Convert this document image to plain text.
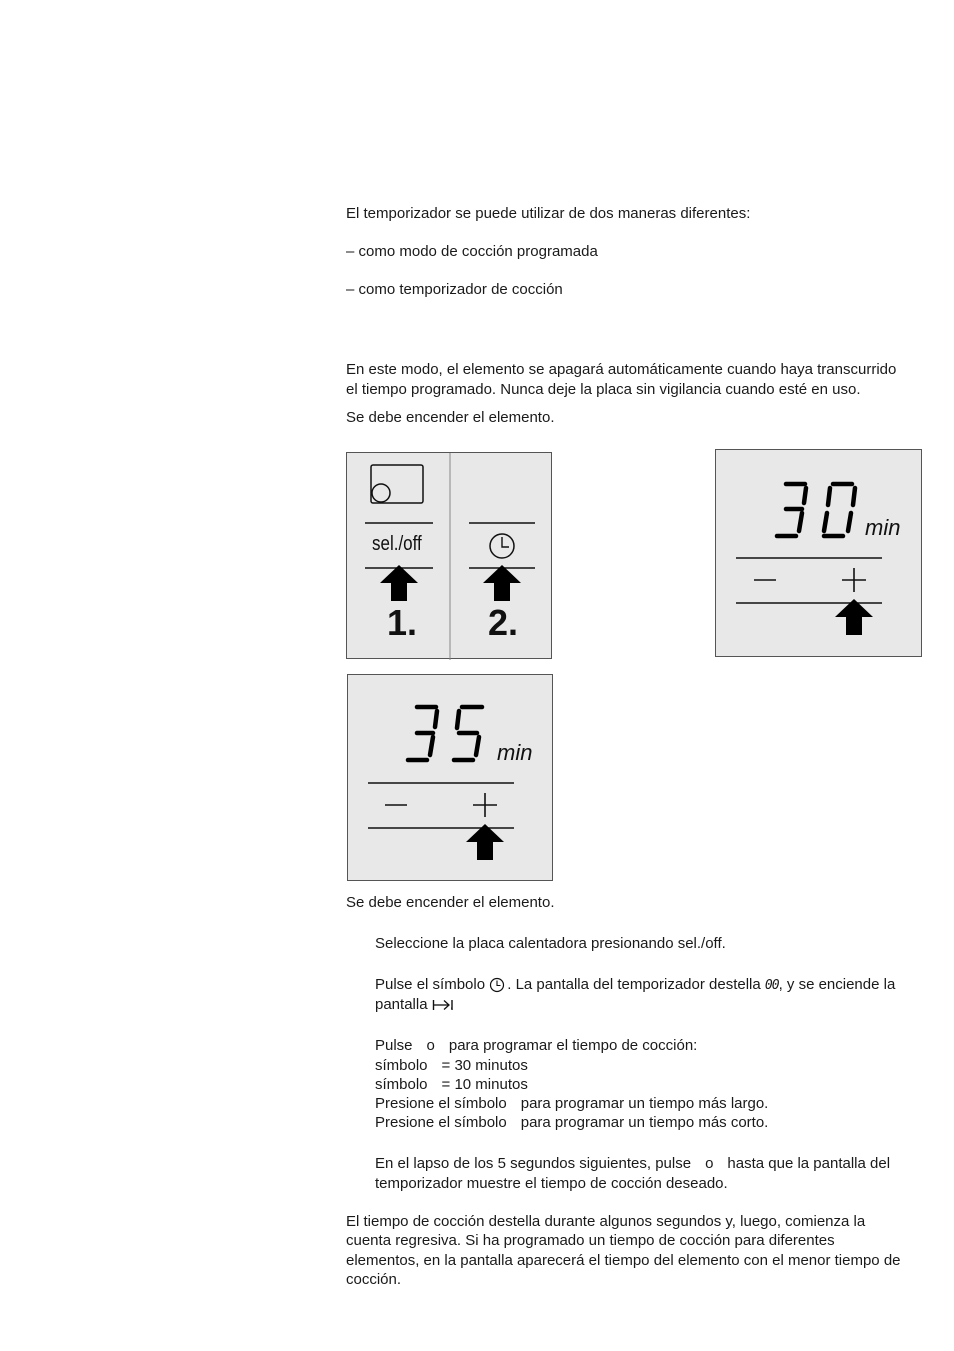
El temporizador se puede utilizar de dos maneras diferentes:

– como modo de cocción programada

– como temporizador de cocción

En este modo, el elemento se apagará automáticamente cuando haya transcurrido

el tiempo programado. Nunca deje la placa sin vigilancia cuando esté en uso.

Se debe encender el elemento.

sel./off
1. 2.
min
min

Se debe encender el elemento.

Seleccione la placa calentadora presionando sel./off.

Pulse el símbolo . La pantalla del temporizador destella 00, y se enciende la

pantalla .

Pulse o para programar el tiempo de cocción:

símbolo = 30 minutos

símbolo = 10 minutos

Presione el símbolo para programar un tiempo más largo.

Presione el símbolo para programar un tiempo más corto.

En el lapso de los 5 segundos siguientes, pulse o hasta que la pantalla del

temporizador muestre el tiempo de cocción deseado.

El tiempo de cocción destella durante algunos segundos y, luego, comienza la

cuenta regresiva. Si ha programado un tiempo de cocción para diferentes

elementos, en la pantalla aparecerá el tiempo del elemento con el menor tiempo de

cocción.
